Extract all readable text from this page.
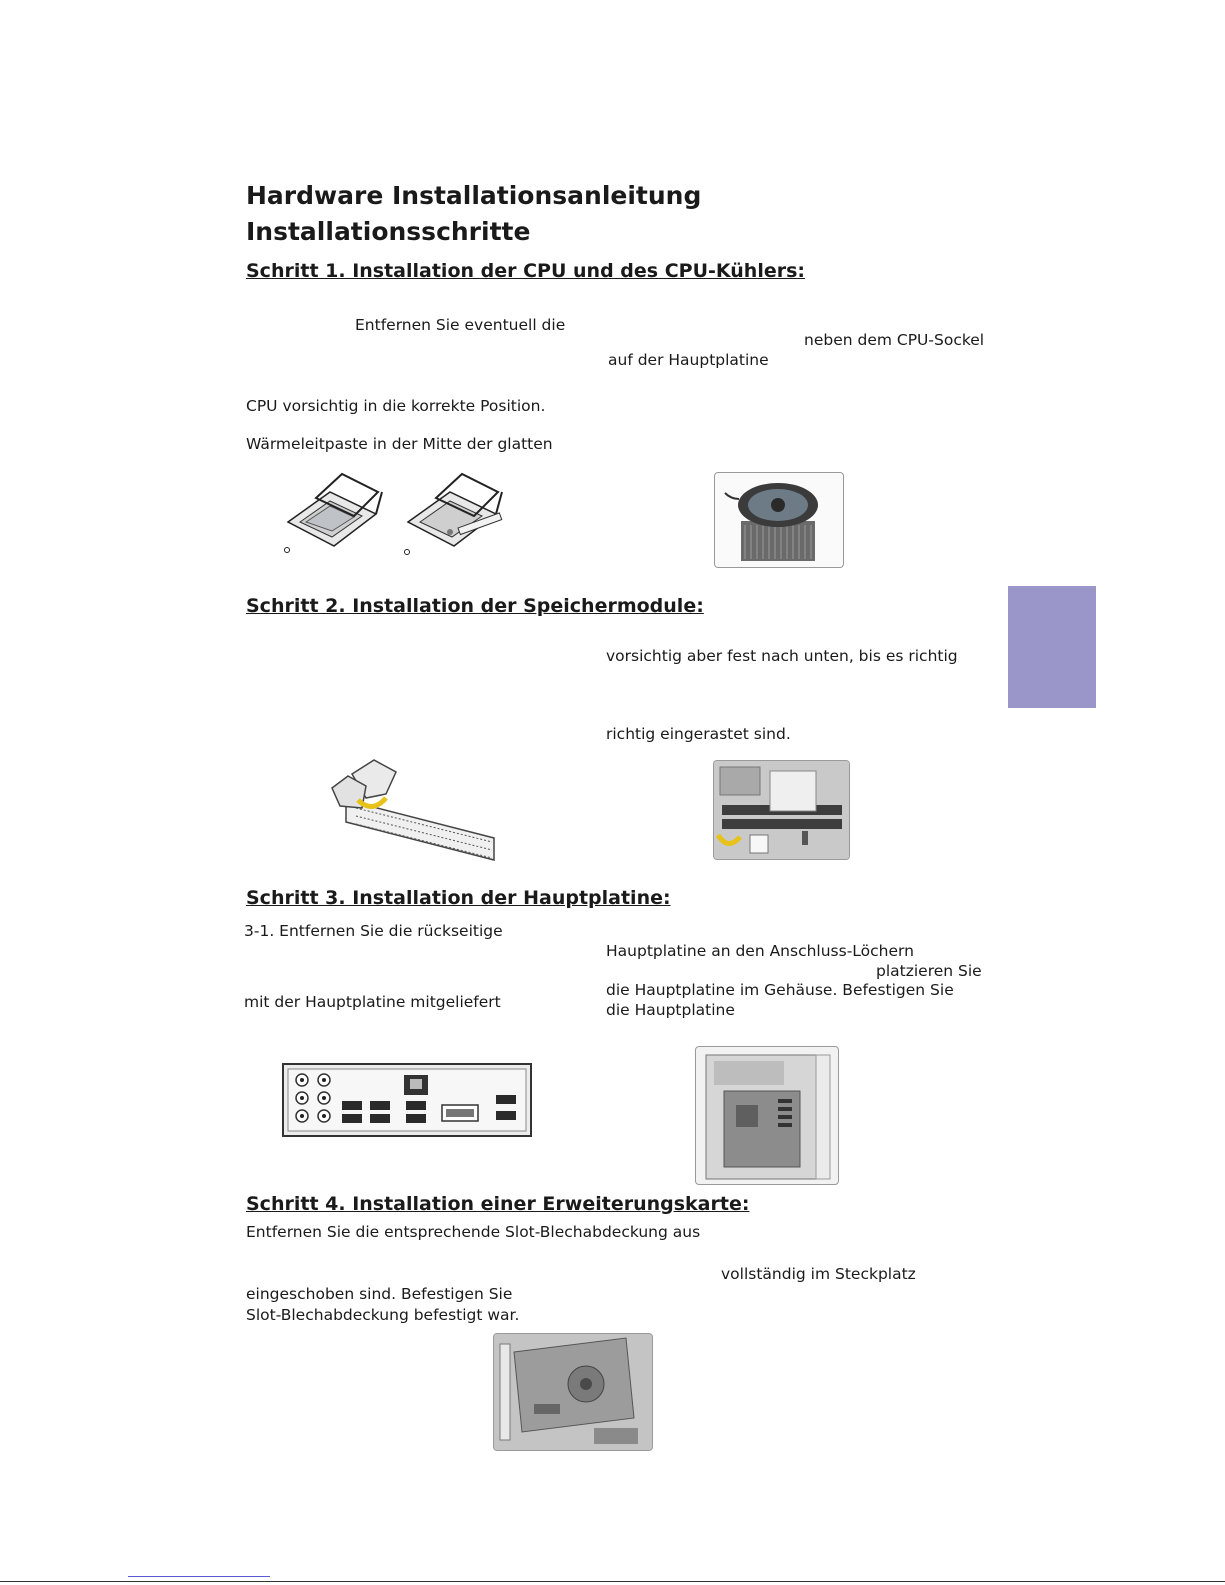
Hardware Installationsanleitung
Installationsschritte
Schritt 1. Installation der CPU und des CPU-Kühlers:
Entfernen Sie eventuell die
neben dem CPU-Sockel
auf der Hauptplatine
CPU vorsichtig in die korrekte Position.
Wärmeleitpaste in der Mitte der glatten
Schritt 2. Installation der Speichermodule:
vorsichtig aber fest nach unten, bis es richtig
richtig eingerastet sind.
Schritt 3. Installation der Hauptplatine:
3-1. Entfernen Sie die rückseitige
Hauptplatine an den Anschluss-Löchern
platzieren Sie
die Hauptplatine im Gehäuse. Befestigen Sie
mit der Hauptplatine mitgeliefert	die Hauptplatine
Schritt 4. Installation einer Erweiterungskarte:
Entfernen Sie die entsprechende Slot-Blechabdeckung aus
vollständig im Steckplatz
eingeschoben sind. Befestigen Sie
Slot-Blechabdeckung befestigt war.
